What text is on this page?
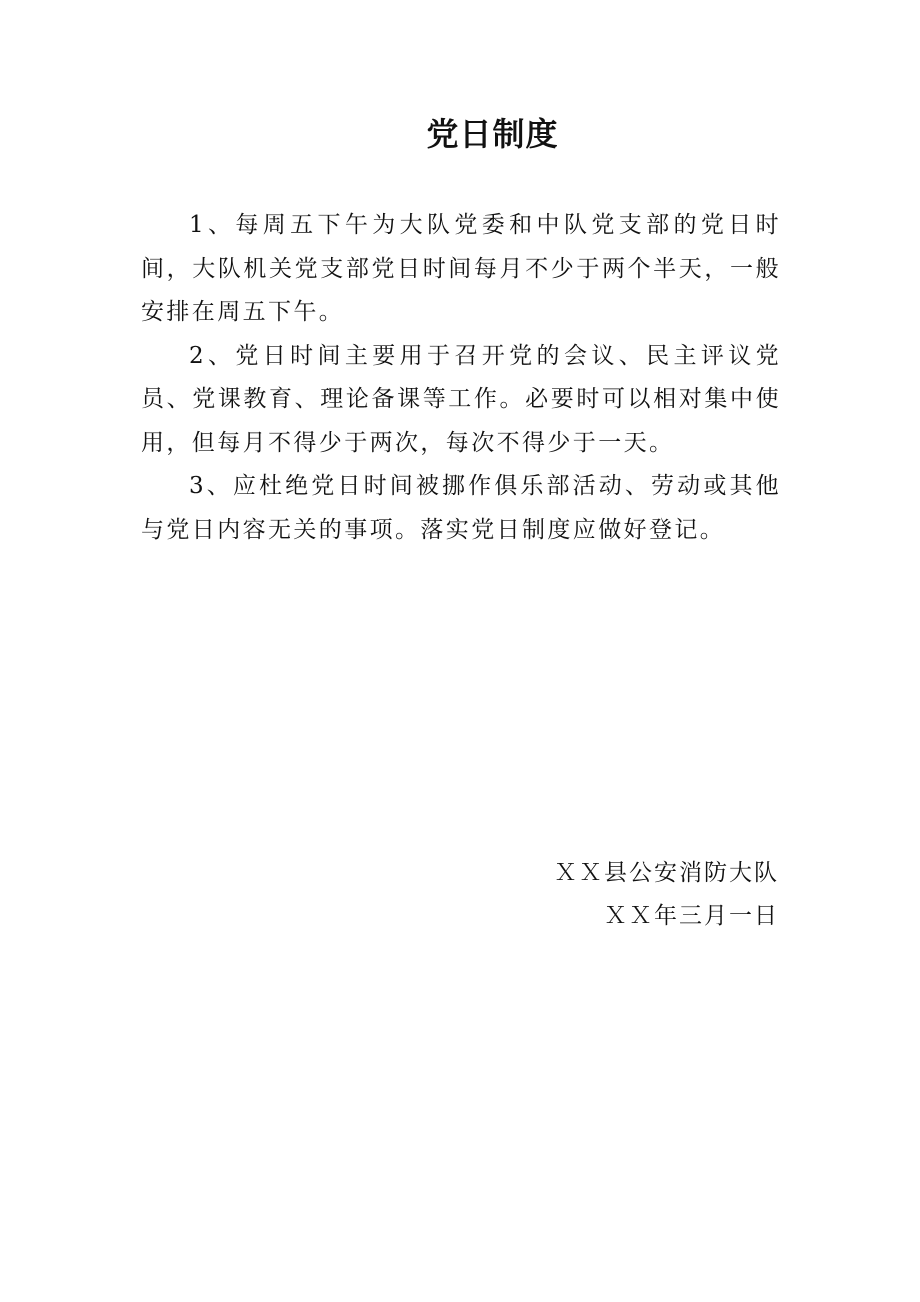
党日制度

1、每周五下午为大队党委和中队党支部的党日时间，大队机关党支部党日时间每月不少于两个半天，一般安排在周五下午。

2、党日时间主要用于召开党的会议、民主评议党员、党课教育、理论备课等工作。必要时可以相对集中使用，但每月不得少于两次，每次不得少于一天。

3、应杜绝党日时间被挪作俱乐部活动、劳动或其他与党日内容无关的事项。落实党日制度应做好登记。

ＸＸ县公安消防大队
ＸＸ年三月一日
